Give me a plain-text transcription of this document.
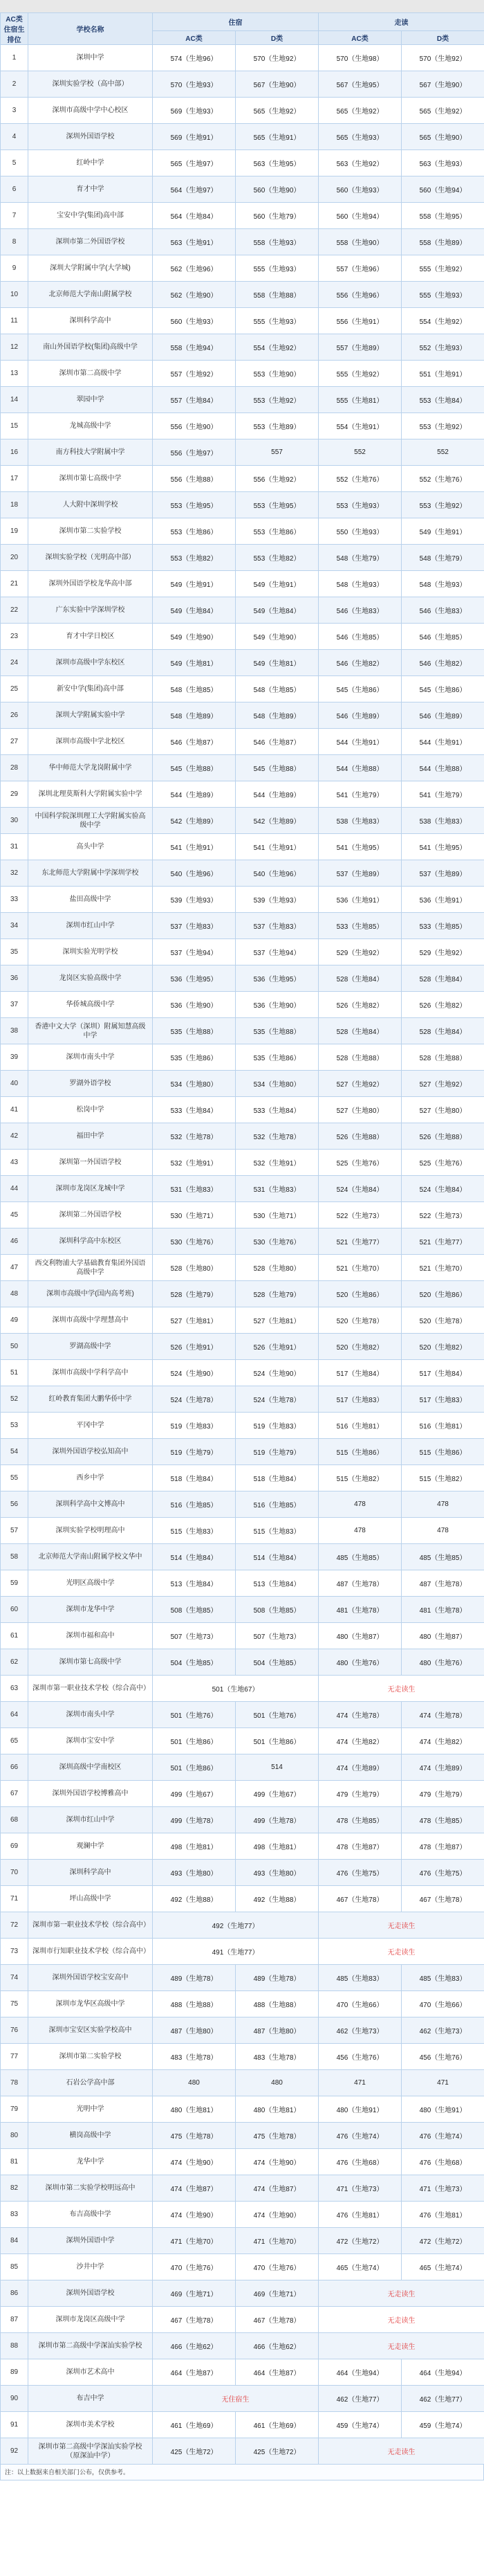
AC类住宿生排位	学校名称	住宿		走读	
		AC类	D类	AC类	D类
1	深圳中学	574（生地96）	570（生地92）	570（生地98）	570（生地92）
2	深圳实验学校（高中部）	570（生地93）	567（生地90）	567（生地95）	567（生地90）
3	深圳市高级中学中心校区	569（生地93）	565（生地92）	565（生地92）	565（生地92）
4	深圳外国语学校	569（生地91）	565（生地91）	565（生地93）	565（生地90）
5	红岭中学	565（生地97）	563（生地95）	563（生地92）	563（生地93）
6	育才中学	564（生地97）	560（生地90）	560（生地93）	560（生地94）
7	宝安中学(集团)高中部	564（生地84）	560（生地79）	560（生地94）	558（生地95）
8	深圳市第二外国语学校	563（生地91）	558（生地93）	558（生地90）	558（生地89）
9	深圳大学附属中学(大学城)	562（生地96）	555（生地93）	557（生地96）	555（生地92）
10	北京师范大学南山附属学校	562（生地90）	558（生地88）	556（生地96）	555（生地93）
11	深圳科学高中	560（生地93）	555（生地93）	556（生地91）	554（生地92）
12	南山外国语学校(集团)高级中学	558（生地94）	554（生地92）	557（生地89）	552（生地93）
13	深圳市第二高级中学	557（生地92）	553（生地90）	555（生地92）	551（生地91）
14	翠园中学	557（生地84）	553（生地92）	555（生地81）	553（生地84）
15	龙城高级中学	556（生地90）	553（生地89）	554（生地91）	553（生地92）
16	南方科技大学附属中学	556（生地97）	557	552	552
17	深圳市第七高级中学	556（生地88）	556（生地92）	552（生地76）	552（生地76）
18	人大附中深圳学校	553（生地95）	553（生地95）	553（生地93）	553（生地92）
19	深圳市第二实验学校	553（生地86）	553（生地86）	550（生地93）	549（生地91）
20	深圳实验学校（光明高中部）	553（生地82）	553（生地82）	548（生地79）	548（生地79）
21	深圳外国语学校龙华高中部	549（生地91）	549（生地91）	548（生地93）	548（生地93）
22	广东实验中学深圳学校	549（生地84）	549（生地84）	546（生地83）	546（生地83）
23	育才中学日校区	549（生地90）	549（生地90）	546（生地85）	546（生地85）
24	深圳市高级中学东校区	549（生地81）	549（生地81）	546（生地82）	546（生地82）
25	新安中学(集团)高中部	548（生地85）	548（生地85）	545（生地86）	545（生地86）
26	深圳大学附属实验中学	548（生地89）	548（生地89）	546（生地89）	546（生地89）
27	深圳市高级中学北校区	546（生地87）	546（生地87）	544（生地91）	544（生地91）
28	华中师范大学龙岗附属中学	545（生地88）	545（生地88）	544（生地88）	544（生地88）
29	深圳北理莫斯科大学附属实验中学	544（生地89）	544（生地89）	541（生地79）	541（生地79）
30	中国科学院深圳理工大学附属实验高级中学	542（生地89）	542（生地89）	538（生地83）	538（生地83）
31	高头中学	541（生地91）	541（生地91）	541（生地95）	541（生地95）
32	东北师范大学附属中学深圳学校	540（生地96）	540（生地96）	537（生地89）	537（生地89）
33	盐田高级中学	539（生地93）	539（生地93）	536（生地91）	536（生地91）
34	深圳市红山中学	537（生地83）	537（生地83）	533（生地85）	533（生地85）
35	深圳实验光明学校	537（生地94）	537（生地94）	529（生地92）	529（生地92）
36	龙岗区实验高级中学	536（生地95）	536（生地95）	528（生地84）	528（生地84）
37	华侨城高级中学	536（生地90）	536（生地90）	526（生地82）	526（生地82）
38	香港中文大学（深圳）附属知慧高级中学	535（生地88）	535（生地88）	528（生地84）	528（生地84）
39	深圳市南头中学	535（生地86）	535（生地86）	528（生地88）	528（生地88）
40	罗湖外语学校	534（生地80）	534（生地80）	527（生地92）	527（生地92）
41	松岗中学	533（生地84）	533（生地84）	527（生地80）	527（生地80）
42	福田中学	532（生地78）	532（生地78）	526（生地88）	526（生地88）
43	深圳第一外国语学校	532（生地91）	532（生地91）	525（生地76）	525（生地76）
44	深圳市龙岗区龙城中学	531（生地83）	531（生地83）	524（生地84）	524（生地84）
45	深圳第二外国语学校	530（生地71）	530（生地71）	522（生地73）	522（生地73）
46	深圳科学高中东校区	530（生地76）	530（生地76）	521（生地77）	521（生地77）
47	西交利物浦大学基础教育集团外国语高级中学	528（生地80）	528（生地80）	521（生地70）	521（生地70）
48	深圳市高级中学(国内高考班)	528（生地79）	528（生地79）	520（生地86）	520（生地86）
49	深圳市高级中学理慧高中	527（生地81）	527（生地81）	520（生地78）	520（生地78）
50	罗湖高级中学	526（生地91）	526（生地91）	520（生地82）	520（生地82）
51	深圳市高级中学科学高中	524（生地90）	524（生地90）	517（生地84）	517（生地84）
52	红岭教育集团大鹏华侨中学	524（生地78）	524（生地78）	517（生地83）	517（生地83）
53	平冈中学	519（生地83）	519（生地83）	516（生地81）	516（生地81）
54	深圳外国语学校弘知高中	519（生地79）	519（生地79）	515（生地86）	515（生地86）
55	西乡中学	518（生地84）	518（生地84）	515（生地82）	515（生地82）
56	深圳科学高中文博高中	516（生地85）	516（生地85）	478	478
57	深圳实验学校明理高中	515（生地83）	515（生地83）	478	478
58	北京师范大学南山附属学校文华中	514（生地84）	514（生地84）	485（生地85）	485（生地85）
59	光明区高级中学	513（生地84）	513（生地84）	487（生地78）	487（生地78）
60	深圳市龙华中学	508（生地85）	508（生地85）	481（生地78）	481（生地78）
61	深圳市福和高中	507（生地73）	507（生地73）	480（生地87）	480（生地87）
62	深圳市第七高级中学	504（生地85）	504（生地85）	480（生地76）	480（生地76）
63	深圳市第一职业技术学校（综合高中）	501（生地67）		无走读生	
64	深圳市南头中学	501（生地76）	501（生地76）	474（生地78）	474（生地78）
65	深圳市宝安中学	501（生地86）	501（生地86）	474（生地82）	474（生地82）
66	深圳高级中学南校区	501（生地86）	514	474（生地89）	474（生地89）
67	深圳外国语学校博雅高中	499（生地67）	499（生地67）	479（生地79）	479（生地79）
68	深圳市红山中学	499（生地78）	499（生地78）	478（生地85）	478（生地85）
69	观澜中学	498（生地81）	498（生地81）	478（生地87）	478（生地87）
70	深圳科学高中	493（生地80）	493（生地80）	476（生地75）	476（生地75）
71	坪山高级中学	492（生地88）	492（生地88）	467（生地78）	467（生地78）
72	深圳市第一职业技术学校（综合高中）	492（生地77）		无走读生	
73	深圳市行知职业技术学校（综合高中）	491（生地77）		无走读生	
74	深圳外国语学校宝安高中	489（生地78）	489（生地78）	485（生地83）	485（生地83）
75	深圳市龙华区高级中学	488（生地88）	488（生地88）	470（生地66）	470（生地66）
76	深圳市宝安区实验学校高中	487（生地80）	487（生地80）	462（生地73）	462（生地73）
77	深圳市第二实验学校	483（生地78）	483（生地78）	456（生地76）	456（生地76）
78	石岩公学高中部	480	480	471	471
79	光明中学	480（生地81）	480（生地81）	480（生地91）	480（生地91）
80	横岗高级中学	475（生地78）	475（生地78）	476（生地74）	476（生地74）
81	龙华中学	474（生地90）	474（生地90）	476（生地68）	476（生地68）
82	深圳市第二实验学校明远高中	474（生地87）	474（生地87）	471（生地73）	471（生地73）
83	布吉高级中学	474（生地90）	474（生地90）	476（生地81）	476（生地81）
84	深圳外国语中学	471（生地70）	471（生地70）	472（生地72）	472（生地72）
85	沙井中学	470（生地76）	470（生地76）	465（生地74）	465（生地74）
86	深圳外国语学校	469（生地71）	469（生地71）	无走读生	
87	深圳市龙岗区高级中学	467（生地78）	467（生地78）	无走读生	
88	深圳市第二高级中学深汕实验学校	466（生地62）	466（生地62）	无走读生	
89	深圳市艺术高中	464（生地87）	464（生地87）	464（生地94）	464（生地94）
90	布吉中学	无住宿生		462（生地77）	462（生地77）
91	深圳市美术学校	461（生地69）	461（生地69）	459（生地74）	459（生地74）
92	深圳市第二高级中学深汕实验学校（原深汕中学）	425（生地72）	425（生地72）	无走读生	
注：以上数据来自相关部门公布，仅供参考。
